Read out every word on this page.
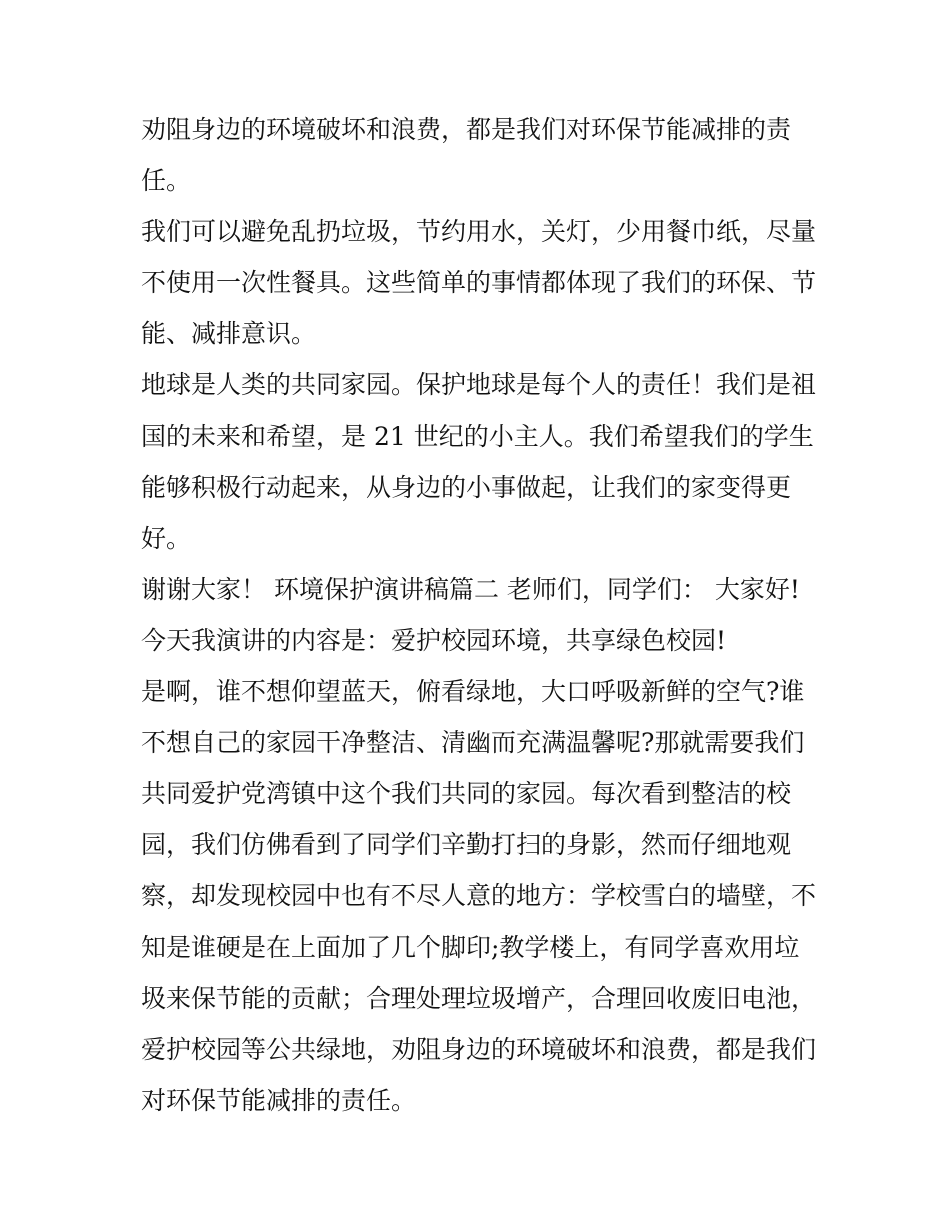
劝阻身边的环境破坏和浪费，都是我们对环保节能减排的责
任。
我们可以避免乱扔垃圾，节约用水，关灯，少用餐巾纸，尽量
不使用一次性餐具。这些简单的事情都体现了我们的环保、节
能、减排意识。
地球是人类的共同家园。保护地球是每个人的责任！我们是祖
国的未来和希望，是 21 世纪的小主人。我们希望我们的学生
能够积极行动起来，从身边的小事做起，让我们的家变得更
好。
谢谢大家！ 环境保护演讲稿篇二 老师们，同学们： 大家好!
今天我演讲的内容是：爱护校园环境，共享绿色校园!
是啊，谁不想仰望蓝天，俯看绿地，大口呼吸新鲜的空气?谁
不想自己的家园干净整洁、清幽而充满温馨呢?那就需要我们
共同爱护党湾镇中这个我们共同的家园。每次看到整洁的校
园，我们仿佛看到了同学们辛勤打扫的身影，然而仔细地观
察，却发现校园中也有不尽人意的地方：学校雪白的墙壁，不
知是谁硬是在上面加了几个脚印;教学楼上，有同学喜欢用垃
圾来保节能的贡献；合理处理垃圾增产，合理回收废旧电池，
爱护校园等公共绿地，劝阻身边的环境破坏和浪费，都是我们
对环保节能减排的责任。
